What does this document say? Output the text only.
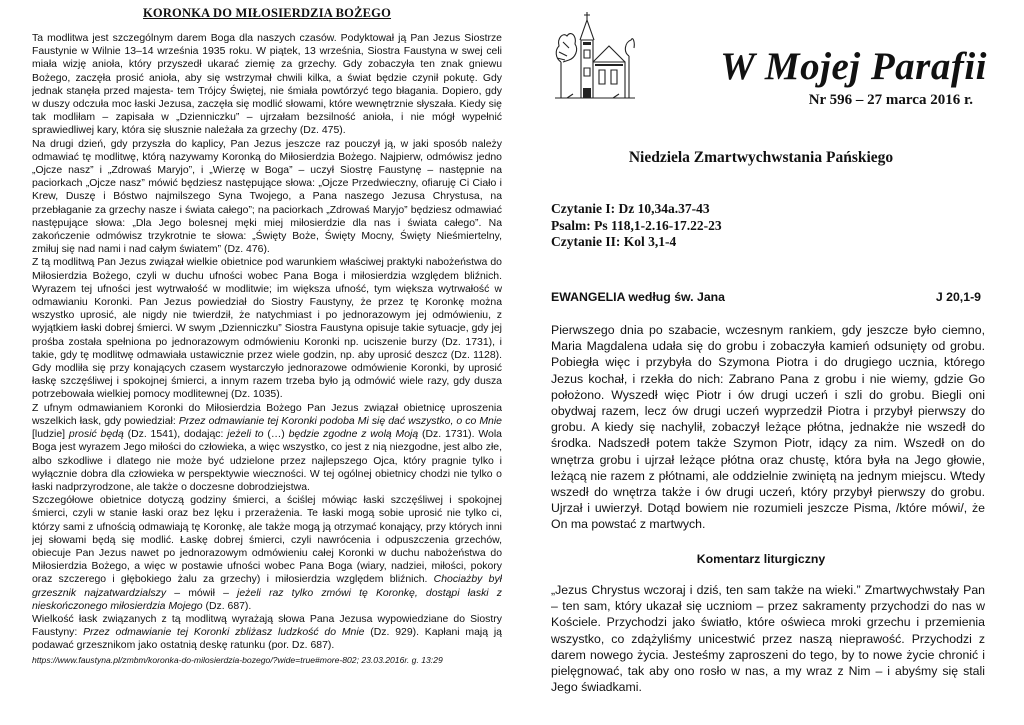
KORONKA DO MIŁOSIERDZIA BOŻEGO

Ta modlitwa jest szczególnym darem Boga dla naszych czasów. Podyktował ją Pan Jezus Siostrze Faustynie w Wilnie 13–14 września 1935 roku. W piątek, 13 września, Siostra Faustyna w swej celi miała wizję anioła, który przyszedł ukarać ziemię za grzechy. Gdy zobaczyła ten znak gniewu Bożego, zaczęła prosić anioła, aby się wstrzymał chwili kilka, a świat będzie czynił pokutę. Gdy jednak stanęła przed majesta- tem Trójcy Świętej, nie śmiała powtórzyć tego błagania. Dopiero, gdy w duszy odczuła moc łaski Jezusa, zaczęła się modlić słowami, które wewnętrznie słyszała. Kiedy się tak modliłam – zapisała w „Dzienniczku” – ujrzałam bezsilność anioła, i nie mógł wypełnić sprawiedliwej kary, która się słusznie należała za grzechy (Dz. 475).

Na drugi dzień, gdy przyszła do kaplicy, Pan Jezus jeszcze raz pouczył ją, w jaki sposób należy odmawiać tę modlitwę, którą nazywamy Koronką do Miłosierdzia Bożego. Najpierw, odmówisz jedno „Ojcze nasz” i „Zdrowaś Maryjo”, i „Wierzę w Boga” – uczył Siostrę Faustynę – następnie na paciorkach „Ojcze nasz” mówić będziesz następujące słowa: „Ojcze Przedwieczny, ofiaruję Ci Ciało i Krew, Duszę i Bóstwo najmilszego Syna Twojego, a Pana naszego Jezusa Chrystusa, na przebłaganie za grzechy nasze i świata całego”; na paciorkach „Zdrowaś Maryjo” będziesz odmawiać następujące słowa: „Dla Jego bolesnej męki miej miłosierdzie dla nas i świata całego”. Na zakończenie odmówisz trzykrotnie te słowa: „Święty Boże, Święty Mocny, Święty Nieśmiertelny, zmiłuj się nad nami i nad całym światem” (Dz. 476).

Z tą modlitwą Pan Jezus związał wielkie obietnice pod warunkiem właściwej praktyki nabożeństwa do Miłosierdzia Bożego, czyli w duchu ufności wobec Pana Boga i miłosierdzia względem bliźnich. Wyrazem tej ufności jest wytrwałość w modlitwie; im większa ufność, tym większa wytrwałość w odmawianiu Koronki. Pan Jezus powiedział do Siostry Faustyny, że przez tę Koronkę można wszystko uprosić, ale nigdy nie twierdził, że natychmiast i po jednorazowym jej odmówieniu, z wyjątkiem łaski dobrej śmierci. W swym „Dzienniczku” Siostra Faustyna opisuje takie sytuacje, gdy jej prośba została spełniona po jednorazowym odmówieniu Koronki np. uciszenie burzy (Dz. 1731), i takie, gdy tę modlitwę odmawiała ustawicznie przez wiele godzin, np. aby uprosić deszcz (Dz. 1128). Gdy modliła się przy konających czasem wystarczyło jednorazowe odmówienie Koronki, by uprosić łaskę szczęśliwej i spokojnej śmierci, a innym razem trzeba było ją odmówić wiele razy, gdy dusza potrzebowała wielkiej pomocy modlitewnej (Dz. 1035).

Z ufnym odmawianiem Koronki do Miłosierdzia Bożego Pan Jezus związał obietnicę uproszenia wszelkich łask, gdy powiedział: Przez odmawianie tej Koronki podoba Mi się dać wszystko, o co Mnie [ludzie] prosić będą (Dz. 1541), dodając: jeżeli to (…) będzie zgodne z wolą Moją (Dz. 1731). Wola Boga jest wyrazem Jego miłości do człowieka, a więc wszystko, co jest z nią niezgodne, jest albo złe, albo szkodliwe i dlatego nie może być udzielone przez najlepszego Ojca, który pragnie tylko i wyłącznie dobra dla człowieka w perspektywie wieczności. W tej ogólnej obietnicy chodzi nie tylko o łaski nadprzyrodzone, ale także o doczesne dobrodziejstwa.

Szczegółowe obietnice dotyczą godziny śmierci, a ściślej mówiąc łaski szczęśliwej i spokojnej śmierci, czyli w stanie łaski oraz bez lęku i przerażenia. Te łaski mogą sobie uprosić nie tylko ci, którzy sami z ufnością odmawiają tę Koronkę, ale także mogą ją otrzymać konający, przy których inni jej słowami będą się modlić. Łaskę dobrej śmierci, czyli nawrócenia i odpuszczenia grzechów, obiecuje Pan Jezus nawet po jednorazowym odmówieniu całej Koronki w duchu nabożeństwa do Miłosierdzia Bożego, a więc w postawie ufności wobec Pana Boga (wiary, nadziei, miłości, pokory oraz szczerego i głębokiego żalu za grzechy) i miłosierdzia względem bliźnich. Chociażby był grzesznik najzatwardzialszy – mówił – jeżeli raz tylko zmówi tę Koronkę, dostąpi łaski z nieskończonego miłosierdzia Mojego (Dz. 687).

Wielkość łask związanych z tą modlitwą wyrażają słowa Pana Jezusa wypowiedziane do Siostry Faustyny: Przez odmawianie tej Koronki zbliżasz ludzkość do Mnie (Dz. 929). Kapłani mają ją podawać grzesznikom jako ostatnią deskę ratunku (por. Dz. 687).

https://www.faustyna.pl/zmbm/koronka-do-milosierdzia-bozego/?wide=true#more-802; 23.03.2016r. g. 13:29
W Mojej Parafii
Nr 596 – 27 marca 2016 r.
Niedziela Zmartwychwstania Pańskiego
Czytanie I: Dz 10,34a.37-43
Psalm: Ps 118,1-2.16-17.22-23
Czytanie II: Kol 3,1-4
EWANGELIA według św. Jana	J 20,1-9

Pierwszego dnia po szabacie, wczesnym rankiem, gdy jeszcze było ciemno, Maria Magdalena udała się do grobu i zobaczyła kamień odsunięty od grobu. Pobiegła więc i przybyła do Szymona Piotra i do drugiego ucznia, którego Jezus kochał, i rzekła do nich: Zabrano Pana z grobu i nie wiemy, gdzie Go położono. Wyszedł więc Piotr i ów drugi uczeń i szli do grobu. Biegli oni obydwaj razem, lecz ów drugi uczeń wyprzedził Piotra i przybył pierwszy do grobu. A kiedy się nachylił, zobaczył leżące płótna, jednakże nie wszedł do środka. Nadszedł potem także Szymon Piotr, idący za nim. Wszedł on do wnętrza grobu i ujrzał leżące płótna oraz chustę, która była na Jego głowie, leżącą nie razem z płótnami, ale oddzielnie zwiniętą na jednym miejscu. Wtedy wszedł do wnętrza także i ów drugi uczeń, który przybył pierwszy do grobu. Ujrzał i uwierzył. Dotąd bowiem nie rozumieli jeszcze Pisma, /które mówi/, że On ma powstać z martwych.

Komentarz liturgiczny

„Jezus Chrystus wczoraj i dziś, ten sam także na wieki.” Zmartwychwstały Pan – ten sam, który ukazał się uczniom – przez sakramenty przychodzi do nas w Kościele. Przychodzi jako światło, które oświeca mroki grzechu i przemienia wszystko, co zdążyliśmy unicestwić przez naszą nieprawość. Przychodzi z darem nowego życia. Jesteśmy zaproszeni do tego, by to nowe życie chronić i pielęgnować, tak aby ono rosło w nas, a my wraz z Nim – i abyśmy się stali Jego świadkami.
